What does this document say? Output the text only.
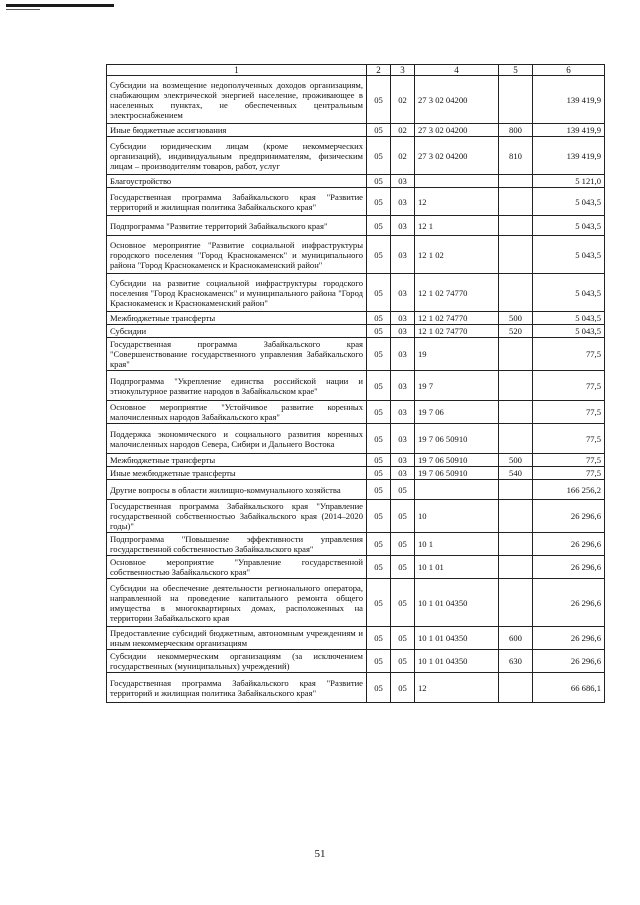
1	2	3	4	5	6
Субсидии на возмещение недополученных доходов организациям, снабжающим электрической энергией население, проживающее в населенных пунктах, не обеспеченных центральным электроснабжением	05	02	27 3 02 04200		139 419,9
Иные бюджетные ассигнования	05	02	27 3 02 04200	800	139 419,9
Субсидии юридическим лицам (кроме некоммерческих организаций), индивидуальным предпринимателям, физическим лицам – производителям товаров, работ, услуг	05	02	27 3 02 04200	810	139 419,9
Благоустройство	05	03			5 121,0
Государственная программа Забайкальского края "Развитие территорий и жилищная политика Забайкальского края"	05	03	12		5 043,5
Подпрограмма "Развитие территорий Забайкальского края"	05	03	12 1		5 043,5
Основное мероприятие "Развитие социальной инфраструктуры городского поселения "Город Краснокаменск" и муниципального района "Город Краснокаменск и Краснокаменский район"	05	03	12 1 02		5 043,5
Субсидии на развитие социальной инфраструктуры городского поселения "Город Краснокаменск" и муниципального района "Город Краснокаменск и Краснокаменский район"	05	03	12 1 02 74770		5 043,5
Межбюджетные трансферты	05	03	12 1 02 74770	500	5 043,5
Субсидии	05	03	12 1 02 74770	520	5 043,5
Государственная программа Забайкальского края "Совершенствование государственного управления Забайкальского края"	05	03	19		77,5
Подпрограмма "Укрепление единства российской нации и этнокультурное развитие народов в Забайкальском крае"	05	03	19 7		77,5
Основное мероприятие "Устойчивое развитие коренных малочисленных народов Забайкальского края"	05	03	19 7 06		77,5
Поддержка экономического и социального развития коренных малочисленных народов Севера, Сибири и Дальнего Востока	05	03	19 7 06 50910		77,5
Межбюджетные трансферты	05	03	19 7 06 50910	500	77,5
Иные межбюджетные трансферты	05	03	19 7 06 50910	540	77,5
Другие вопросы в области жилищно-коммунального хозяйства	05	05			166 256,2
Государственная программа Забайкальского края "Управление государственной собственностью Забайкальского края (2014–2020 годы)"	05	05	10		26 296,6
Подпрограмма "Повышение эффективности управления государственной собственностью Забайкальского края"	05	05	10 1		26 296,6
Основное мероприятие "Управление государственной собственностью Забайкальского края"	05	05	10 1 01		26 296,6
Субсидии на обеспечение деятельности регионального оператора, направленной на проведение капитального ремонта общего имущества в многоквартирных домах, расположенных на территории Забайкальского края	05	05	10 1 01 04350		26 296,6
Предоставление субсидий бюджетным, автономным учреждениям и иным некоммерческим организациям	05	05	10 1 01 04350	600	26 296,6
Субсидии некоммерческим организациям (за исключением государственных (муниципальных) учреждений)	05	05	10 1 01 04350	630	26 296,6
Государственная программа Забайкальского края "Развитие территорий и жилищная политика Забайкальского края"	05	05	12		66 686,1
51
